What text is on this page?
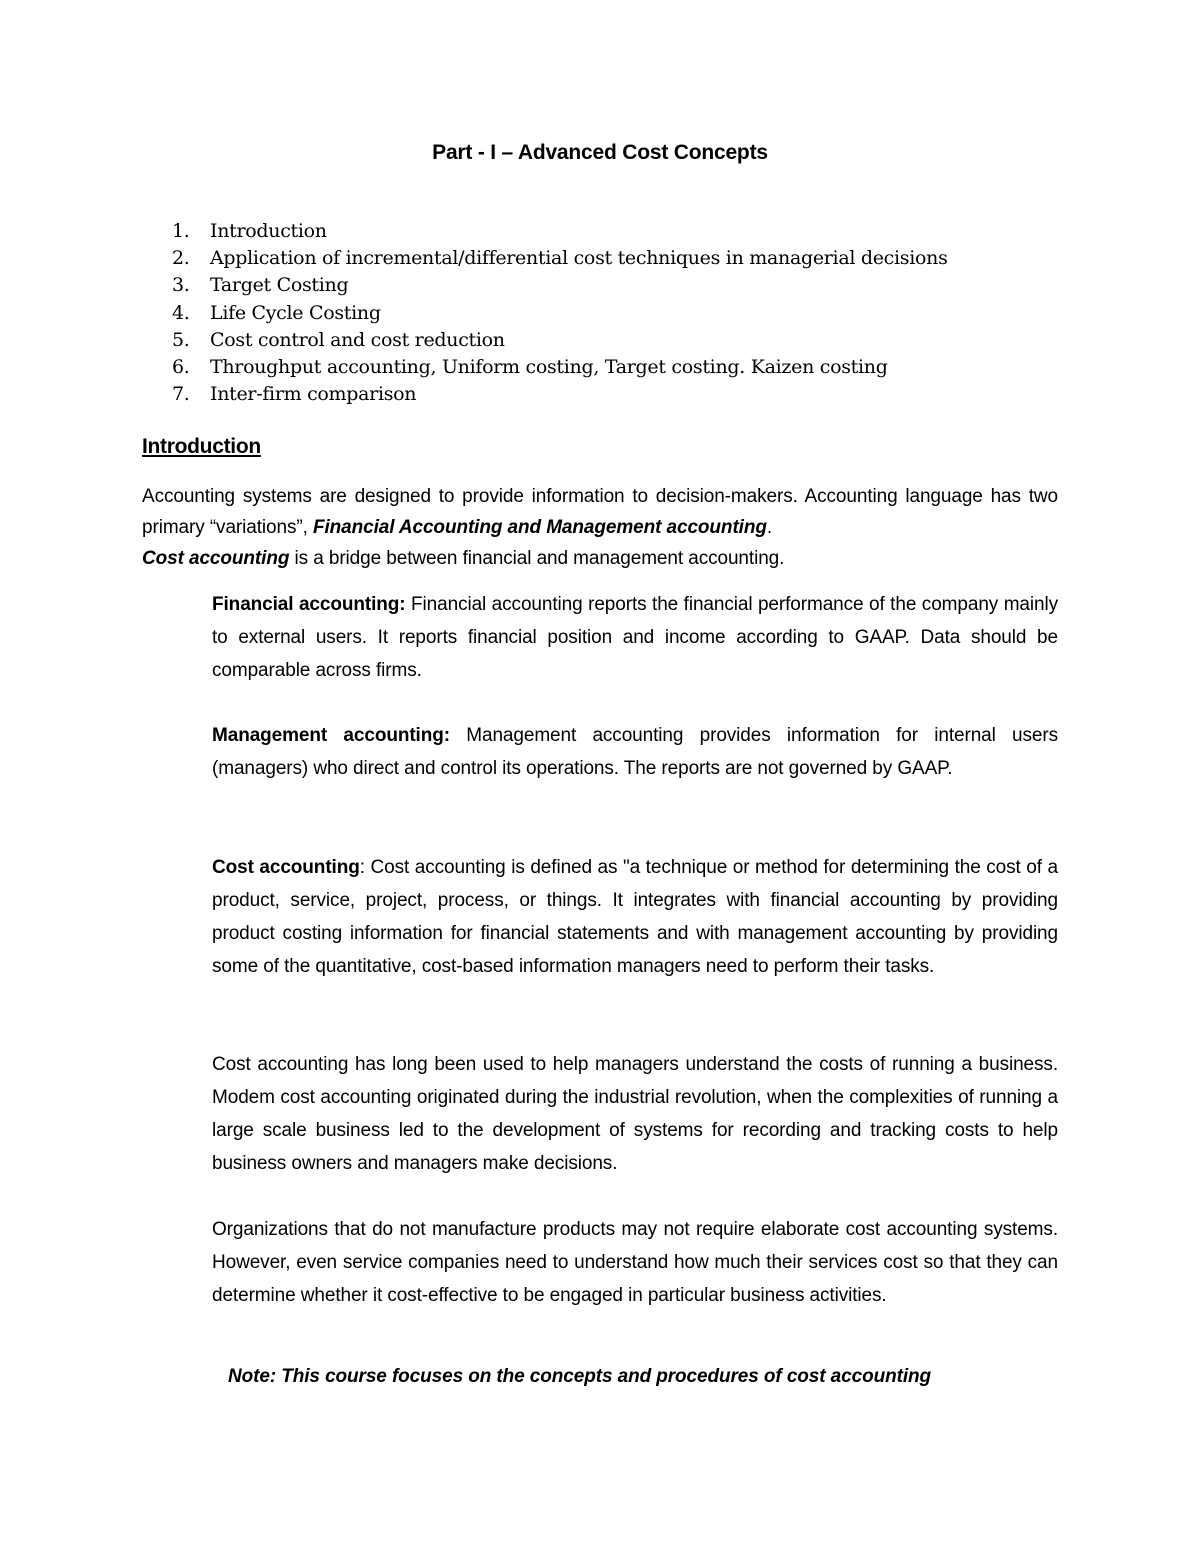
Part - I – Advanced Cost Concepts
1. Introduction
2. Application of incremental/differential cost techniques in managerial decisions
3. Target Costing
4. Life Cycle Costing
5. Cost control and cost reduction
6. Throughput accounting, Uniform costing, Target costing. Kaizen costing
7. Inter-firm comparison
Introduction

Accounting systems are designed to provide information to decision-makers. Accounting language has two primary “variations”, Financial Accounting and Management accounting.
Cost accounting is a bridge between financial and management accounting.

Financial accounting: Financial accounting reports the financial performance of the company mainly to external users. It reports financial position and income according to GAAP. Data should be comparable across firms.

Management accounting: Management accounting provides information for internal users (managers) who direct and control its operations. The reports are not governed by GAAP.

Cost accounting: Cost accounting is defined as "a technique or method for determining the cost of a product, service, project, process, or things. It integrates with financial accounting by providing product costing information for financial statements and with management accounting by providing some of the quantitative, cost-based information managers need to perform their tasks.

Cost accounting has long been used to help managers understand the costs of running a business. Modem cost accounting originated during the industrial revolution, when the complexities of running a large scale business led to the development of systems for recording and tracking costs to help business owners and managers make decisions.

Organizations that do not manufacture products may not require elaborate cost accounting systems. However, even service companies need to understand how much their services cost so that they can determine whether it cost-effective to be engaged in particular business activities.

Note: This course focuses on the concepts and procedures of cost accounting
